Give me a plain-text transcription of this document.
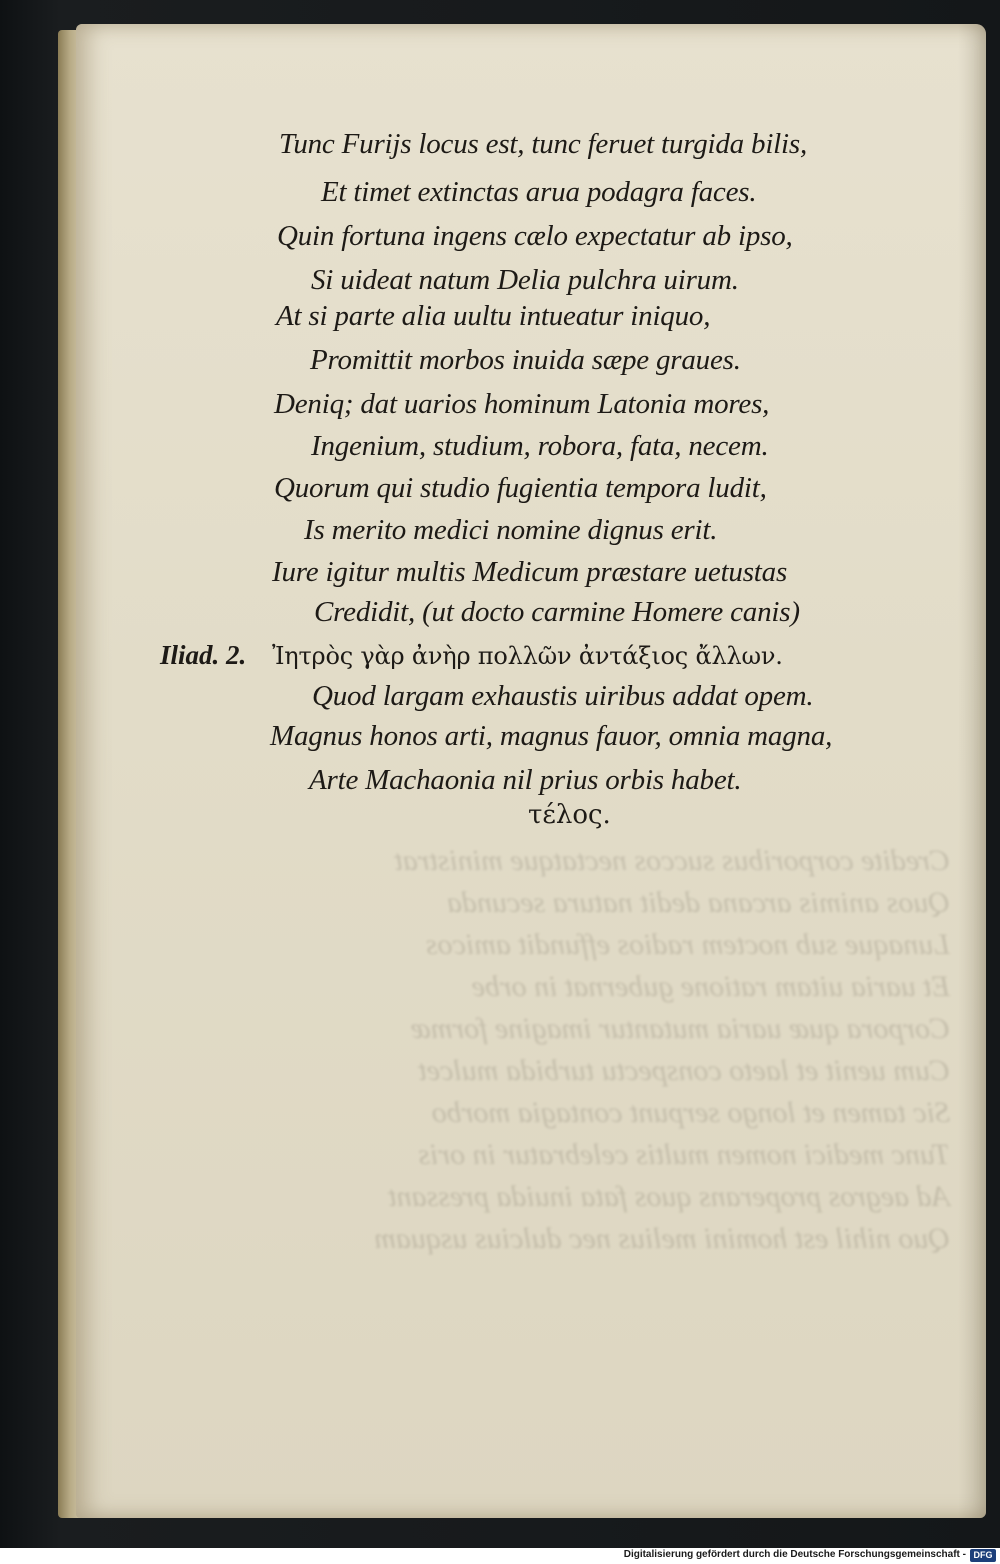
Credite corporibus succos nectatque ministrat
Quos animis arcana dedit natura secunda
Lunaque sub noctem radios effundit amicos
Et uaria uitam ratione gubernat in orbe
Corpora quæ uaria mutantur imagine formæ
Cum uenit et laeto conspectu turbida mulcet
Sic tamen et longo serpunt contagia morbo
Tunc medici nomen multis celebratur in oris
Ad aegros properans quos fata inuida pressant
Quo nihil est homini melius nec dulcius usquam
Tunc Furijs locus est, tunc feruet turgida bilis,
Et timet extinctas arua podagra faces.
Quin fortuna ingens cælo expectatur ab ipso,
Si uideat natum Delia pulchra uirum.
At si parte alia uultu intueatur iniquo,
Promittit morbos inuida sæpe graues.
Deniq; dat uarios hominum Latonia mores,
Ingenium, studium, robora, fata, necem.
Quorum qui studio fugientia tempora ludit,
Is merito medici nomine dignus erit.
Iure igitur multis Medicum præstare uetustas
Credidit, (ut docto carmine Homere canis)
Ἰητρὸς γὰρ ἀνὴρ πολλῶν ἀντάξιος ἄλλων.
Quod largam exhaustis uiribus addat opem.
Magnus honos arti, magnus fauor, omnia magna,
Arte Machaonia nil prius orbis habet.
Iliad. 2.
τέλος.
Digitalisierung gefördert durch die Deutsche Forschungsgemeinschaft - DFG
